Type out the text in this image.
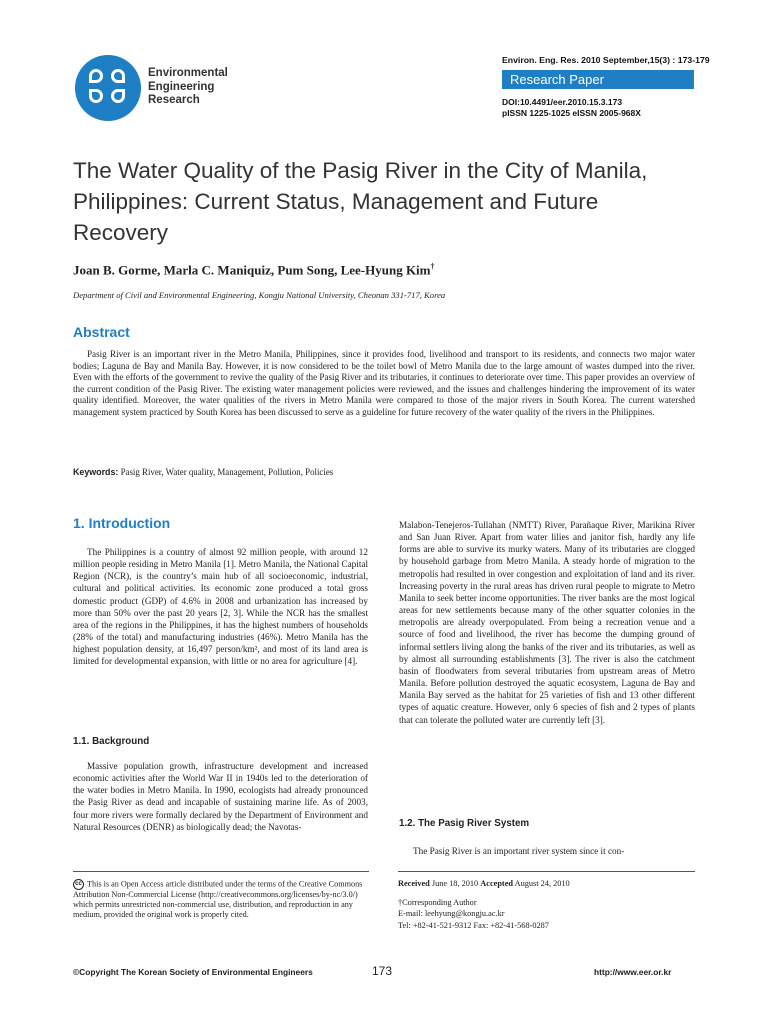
Environmental
Engineering
Research
Environ. Eng. Res. 2010 September,15(3) : 173-179
Research Paper
DOI:10.4491/eer.2010.15.3.173
pISSN 1225-1025 eISSN 2005-968X
The Water Quality of the Pasig River in the City of Manila, Philippines: Current Status, Management and Future Recovery
Joan B. Gorme, Marla C. Maniquiz, Pum Song, Lee-Hyung Kim†
Department of Civil and Environmental Engineering, Kongju National University, Cheonan 331-717, Korea
Abstract
Pasig River is an important river in the Metro Manila, Philippines, since it provides food, livelihood and transport to its residents, and connects two major water bodies; Laguna de Bay and Manila Bay. However, it is now considered to be the toilet bowl of Metro Manila due to the large amount of wastes dumped into the river. Even with the efforts of the government to revive the quality of the Pasig River and its tributaries, it continues to deteriorate over time. This paper provides an overview of the current condition of the Pasig River. The existing water management policies were reviewed, and the issues and challenges hindering the improvement of its water quality identified. Moreover, the water qualities of the rivers in Metro Manila were compared to those of the major rivers in South Korea. The current watershed management system practiced by South Korea has been discussed to serve as a guideline for future recovery of the water quality of the rivers in the Philippines.
Keywords: Pasig River, Water quality, Management, Pollution, Policies
1. Introduction

The Philippines is a country of almost 92 million people, with around 12 million people residing in Metro Manila [1]. Metro Manila, the National Capital Region (NCR), is the country’s main hub of all socioeconomic, industrial, cultural and political activities. Its economic zone produced a total gross domestic product (GDP) of 4.6% in 2008 and urbanization has increased by more than 50% over the past 20 years [2, 3]. While the NCR has the smallest area of the regions in the Philippines, it has the highest numbers of households (28% of the total) and manufacturing industries (46%). Metro Manila has the highest population density, at 16,497 person/km², and most of its land area is limited for developmental expansion, with little or no area for agriculture [4].

1.1. Background

Massive population growth, infrastructure development and increased economic activities after the World War II in 1940s led to the deterioration of the water bodies in Metro Manila. In 1990, ecologists had already pronounced the Pasig River as dead and incapable of sustaining marine life. As of 2003, four more rivers were formally declared by the Department of Environment and Natural Resources (DENR) as biologically dead; the Navotas-

Malabon-Tenejeros-Tullahan (NMTT) River, Parañaque River, Marikina River and San Juan River. Apart from water lilies and janitor fish, hardly any life forms are able to survive its murky waters. Many of its tributaries are clogged by household garbage from Metro Manila. A steady horde of migration to the metropolis had resulted in over congestion and exploitation of land and its river. Increasing poverty in the rural areas has driven rural people to migrate to Metro Manila to seek better income opportunities. The river banks are the most logical areas for new settlements because many of the other squatter colonies in the metropolis are already overpopulated. From being a recreation venue and a source of food and livelihood, the river has become the dumping ground of informal settlers living along the banks of the river and its tributaries, as well as by almost all surrounding establishments [3]. The river is also the catchment basin of floodwaters from several tributaries from upstream areas of Metro Manila. Before pollution destroyed the aquatic ecosystem, Laguna de Bay and Manila Bay served as the habitat for 25 varieties of fish and 13 other different types of aquatic creature. However, only 6 species of fish and 2 types of plants that can tolerate the polluted water are currently left [3].

1.2. The Pasig River System

The Pasig River is an important river system since it con-

cc This is an Open Access article distributed under the terms of the Creative Commons Attribution Non-Commercial License (http://creativecommons.org/licenses/by-nc/3.0/) which permits unrestricted non-commercial use, distribution, and reproduction in any medium, provided the original work is properly cited.
Received June 18, 2010 Accepted August 24, 2010
†Corresponding Author
E-mail: leehyung@kongju.ac.kr
Tel: +82-41-521-9312 Fax: +82-41-568-0287
©Copyright The Korean Society of Environmental Engineers	173	http://www.eer.or.kr
